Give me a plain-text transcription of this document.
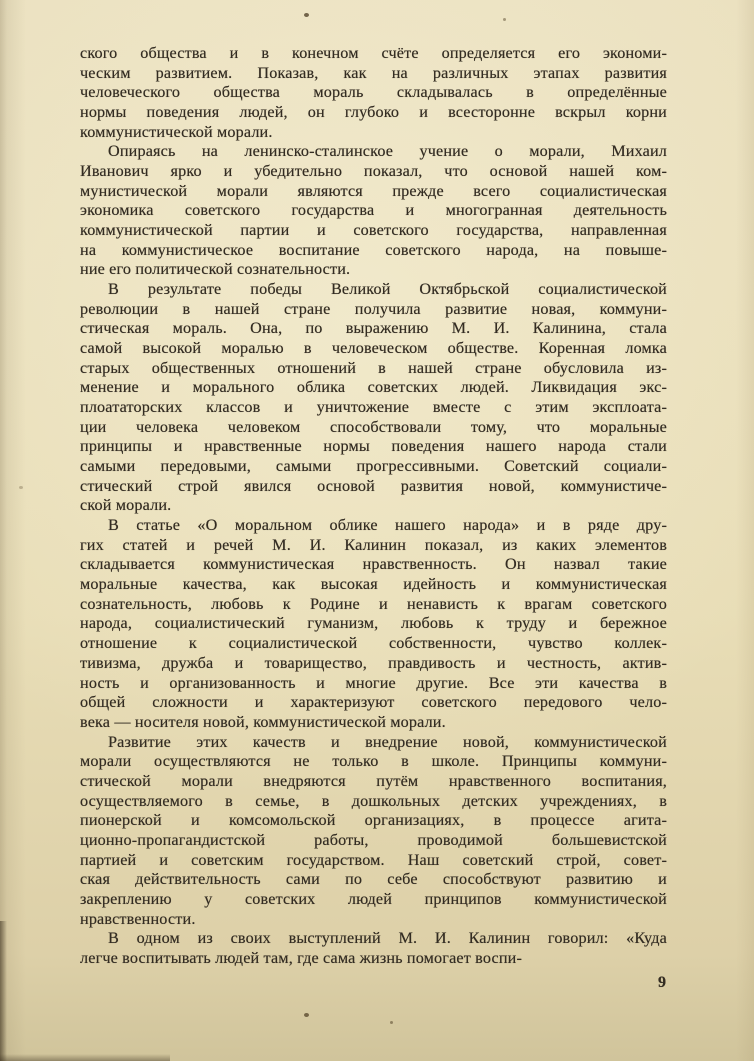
ского общества и в конечном счёте определяется его экономи-
ческим развитием. Показав, как на различных этапах развития
человеческого общества мораль складывалась в определённые
нормы поведения людей, он глубоко и всесторонне вскрыл корни
коммунистической морали.
Опираясь на ленинско-сталинское учение о морали, Михаил
Иванович ярко и убедительно показал, что основой нашей ком-
мунистической морали являются прежде всего социалистическая
экономика советского государства и многогранная деятельность
коммунистической партии и советского государства, направленная
на коммунистическое воспитание советского народа, на повыше-
ние его политической сознательности.
В результате победы Великой Октябрьской социалистической
революции в нашей стране получила развитие новая, коммуни-
стическая мораль. Она, по выражению М. И. Калинина, стала
самой высокой моралью в человеческом обществе. Коренная ломка
старых общественных отношений в нашей стране обусловила из-
менение и морального облика советских людей. Ликвидация экс-
плоататорских классов и уничтожение вместе с этим эксплоата-
ции человека человеком способствовали тому, что моральные
принципы и нравственные нормы поведения нашего народа стали
самыми передовыми, самыми прогрессивными. Советский социали-
стический строй явился основой развития новой, коммунистиче-
ской морали.
В статье «О моральном облике нашего народа» и в ряде дру-
гих статей и речей М. И. Калинин показал, из каких элементов
складывается коммунистическая нравственность. Он назвал такие
моральные качества, как высокая идейность и коммунистическая
сознательность, любовь к Родине и ненависть к врагам советского
народа, социалистический гуманизм, любовь к труду и бережное
отношение к социалистической собственности, чувство коллек-
тивизма, дружба и товарищество, правдивость и честность, актив-
ность и организованность и многие другие. Все эти качества в
общей сложности и характеризуют советского передового чело-
века — носителя новой, коммунистической морали.
Развитие этих качеств и внедрение новой, коммунистической
морали осуществляются не только в школе. Принципы коммуни-
стической морали внедряются путём нравственного воспитания,
осуществляемого в семье, в дошкольных детских учреждениях, в
пионерской и комсомольской организациях, в процессе агита-
ционно-пропагандистской работы, проводимой большевистской
партией и советским государством. Наш советский строй, совет-
ская действительность сами по себе способствуют развитию и
закреплению у советских людей принципов коммунистической
нравственности.
В одном из своих выступлений М. И. Калинин говорил: «Куда
легче воспитывать людей там, где сама жизнь помогает воспи-
9
